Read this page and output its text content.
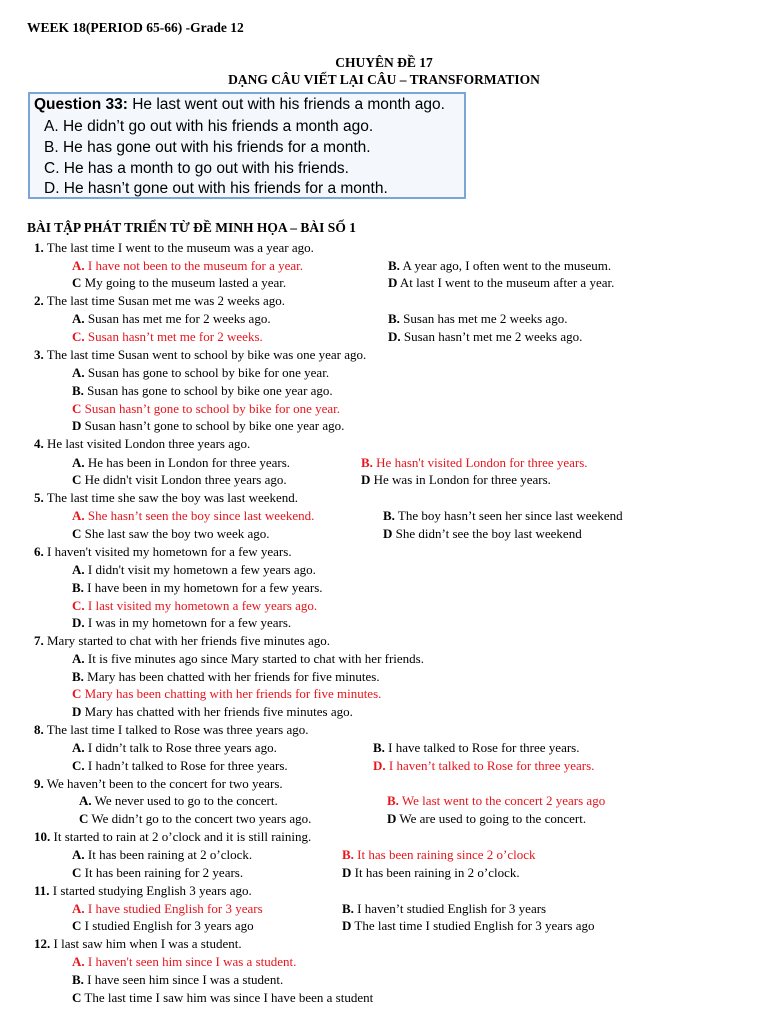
WEEK 18(PERIOD 65-66) -Grade 12
CHUYÊN ĐỀ 17
DẠNG CÂU VIẾT LẠI CÂU – TRANSFORMATION
Question 33: He last went out with his friends a month ago.
A. He didn’t go out with his friends a month ago.
B. He has gone out with his friends for a month.
C. He has a month to go out with his friends.
D. He hasn’t gone out with his friends for a month.
BÀI TẬP PHÁT TRIỂN TỪ ĐỀ MINH HỌA – BÀI SỐ 1
1. The last time I went to the museum was a year ago.
A. I have not been to the museum for a year.	B. A year ago, I often went to the museum.
C My going to the museum lasted a year.	D At last I went to the museum after a year.
2. The last time Susan met me was 2 weeks ago.
A. Susan has met me for 2 weeks ago.	B. Susan has met me 2 weeks ago.
C. Susan hasn’t met me for 2 weeks.	D. Susan hasn’t met me 2 weeks ago.
3. The last time Susan went to school by bike was one year ago.
A. Susan has gone to school by bike for one year.
B. Susan has gone to school by bike one year ago.
C Susan hasn’t gone to school by bike for one year.
D Susan hasn’t gone to school by bike one year ago.
4. He last visited London three years ago.
A. He has been in London for three years.	B. He hasn't visited London for three years.
C He didn't visit London three years ago.	D He was in London for three years.
5. The last time she saw the boy was last weekend.
A. She hasn’t seen the boy since last weekend.	B. The boy hasn’t seen her since last weekend
C She last saw the boy two week ago.	D She didn’t see the boy last weekend
6. I haven't visited my hometown for a few years.
A. I didn't visit my hometown a few years ago.
B. I have been in my hometown for a few years.
C. I last visited my hometown a few years ago.
D. I was in my hometown for a few years.
7. Mary started to chat with her friends five minutes ago.
A. It is five minutes ago since Mary started to chat with her friends.
B. Mary has been chatted with her friends for five minutes.
C Mary has been chatting with her friends for five minutes.
D Mary has chatted with her friends five minutes ago.
8. The last time I talked to Rose was three years ago.
A. I didn’t talk to Rose three years ago.	B. I have talked to Rose for three years.
C. I hadn’t talked to Rose for three years.	D. I haven’t talked to Rose for three years.
9. We haven’t been to the concert for two years.
A. We never used to go to the concert.	B. We last went to the concert 2 years ago
C We didn’t go to the concert two years ago.	D We are used to going to the concert.
10. It started to rain at 2 o’clock and it is still raining.
A. It has been raining at 2 o’clock.	B. It has been raining since 2 o’clock
C It has been raining for 2 years.	D It has been raining in 2 o’clock.
11. I started studying English 3 years ago.
A. I have studied English for 3 years	B. I haven’t studied English for 3 years
C I studied English for 3 years ago	D The last time I studied English for 3 years ago
12. I last saw him when I was a student.
A. I haven't seen him since I was a student.
B. I have seen him since I was a student.
C The last time I saw him was since I have been a student
